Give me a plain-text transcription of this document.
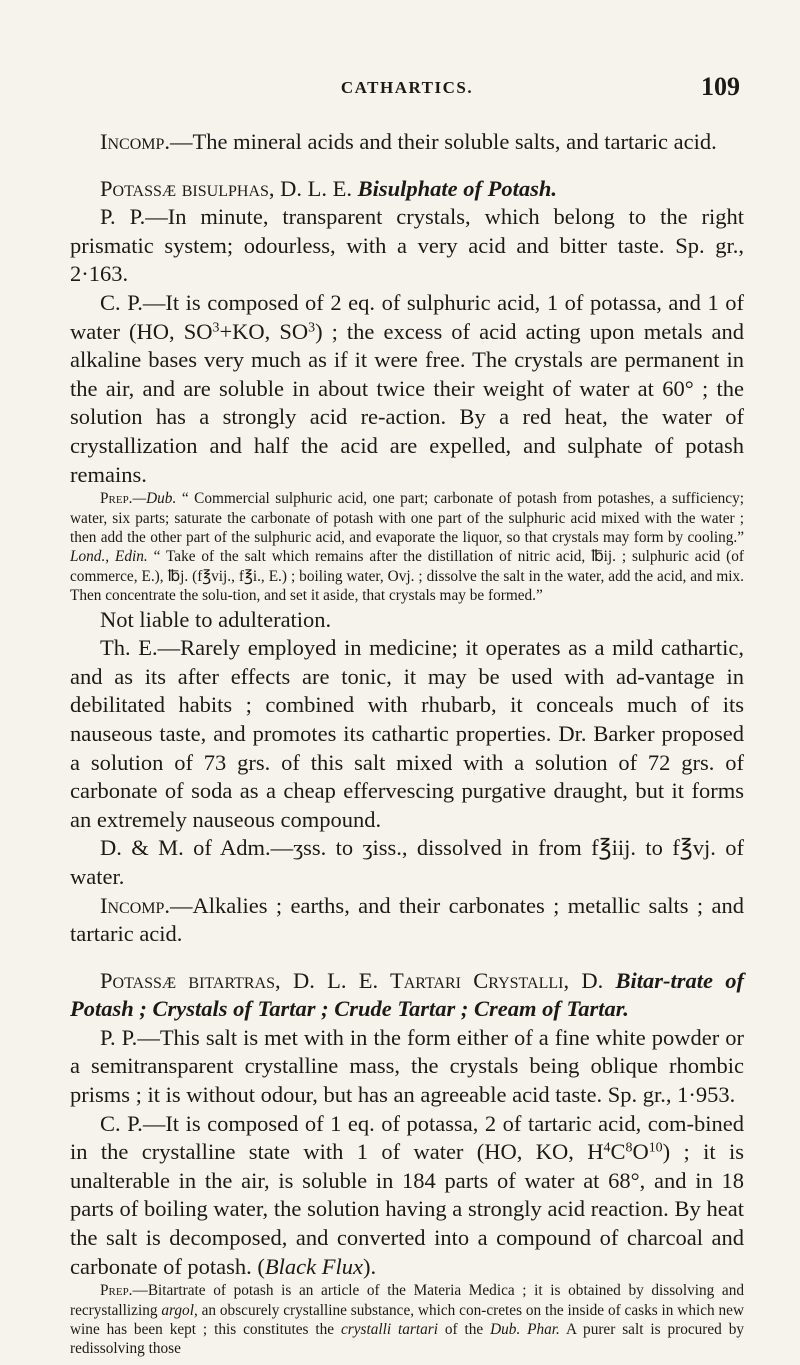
CATHARTICS.	109

Incomp.—The mineral acids and their soluble salts, and tartaric acid.

Potassæ bisulphas, D. L. E. Bisulphate of Potash.

P. P.—In minute, transparent crystals, which belong to the right prismatic system; odourless, with a very acid and bitter taste. Sp. gr., 2·163.

C. P.—It is composed of 2 eq. of sulphuric acid, 1 of potassa, and 1 of water (HO, $SO^3+KO$, $SO^3$) ; the excess of acid acting upon metals and alkaline bases very much as if it were free. The crystals are permanent in the air, and are soluble in about twice their weight of water at 60° ; the solution has a strongly acid re-action. By a red heat, the water of crystallization and half the acid are expelled, and sulphate of potash remains.

Prep.—Dub. “ Commercial sulphuric acid, one part; carbonate of potash from potashes, a sufficiency; water, six parts; saturate the carbonate of potash with one part of the sulphuric acid mixed with the water ; then add the other part of the sulphuric acid, and evaporate the liquor, so that crystals may form by cooling.” Lond., Edin. “ Take of the salt which remains after the distillation of nitric acid, ℔ij. ; sulphuric acid (of commerce, E.), ℔j. (f℥vij., f℥i., E.) ; boiling water, Ovj. ; dissolve the salt in the water, add the acid, and mix. Then concentrate the solu-tion, and set it aside, that crystals may be formed.”

Not liable to adulteration.

Th. E.—Rarely employed in medicine; it operates as a mild cathartic, and as its after effects are tonic, it may be used with ad-vantage in debilitated habits ; combined with rhubarb, it conceals much of its nauseous taste, and promotes its cathartic properties. Dr. Barker proposed a solution of 73 grs. of this salt mixed with a solution of 72 grs. of carbonate of soda as a cheap effervescing purgative draught, but it forms an extremely nauseous compound.

D. & M. of Adm.—ʒss. to ʒiss., dissolved in from f℥iij. to f℥vj. of water.

Incomp.—Alkalies ; earths, and their carbonates ; metallic salts ; and tartaric acid.

Potassæ bitartras, D. L. E. Tartari Crystalli, D. Bitar-trate of Potash ; Crystals of Tartar ; Crude Tartar ; Cream of Tartar.

P. P.—This salt is met with in the form either of a fine white powder or a semitransparent crystalline mass, the crystals being oblique rhombic prisms ; it is without odour, but has an agreeable acid taste. Sp. gr., 1·953.

C. P.—It is composed of 1 eq. of potassa, 2 of tartaric acid, com-bined in the crystalline state with 1 of water (HO, KO, $H^4C^8O^{10}$) ; it is unalterable in the air, is soluble in 184 parts of water at 68°, and in 18 parts of boiling water, the solution having a strongly acid reaction. By heat the salt is decomposed, and converted into a compound of charcoal and carbonate of potash. (Black Flux).

Prep.—Bitartrate of potash is an article of the Materia Medica ; it is obtained by dissolving and recrystallizing argol, an obscurely crystalline substance, which con-cretes on the inside of casks in which new wine has been kept ; this constitutes the crystalli tartari of the Dub. Phar. A purer salt is procured by redissolving those
